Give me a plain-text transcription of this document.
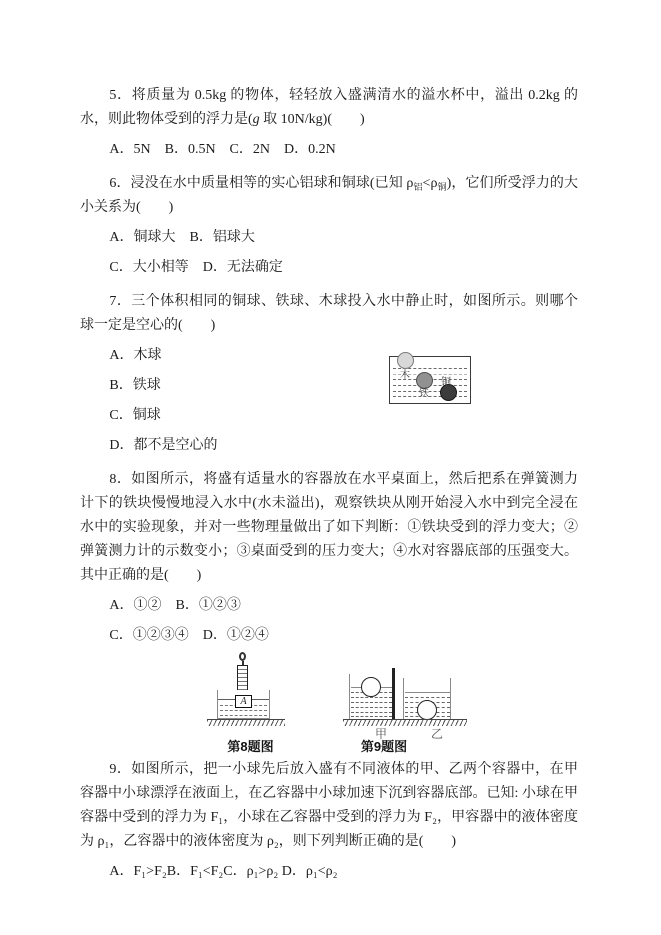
5．将质量为 0.5kg 的物体，轻轻放入盛满清水的溢水杯中，溢出 0.2kg 的水，则此物体受到的浮力是(g 取 10N/kg)(　　)

A．5N　B．0.5N　C．2N　D．0.2N

6．浸没在水中质量相等的实心铝球和铜球(已知 $\rho_铝<\rho_铜$)，它们所受浮力的大小关系为(　　)

A．铜球大　B．铝球大

C．大小相等　D．无法确定

7．三个体积相同的铜球、铁球、木球投入水中静止时，如图所示。则哪个球一定是空心的(　　)

A．木球

B．铁球

C．铜球

D．都不是空心的

木
铁
铜

8．如图所示，将盛有适量水的容器放在水平桌面上，然后把系在弹簧测力计下的铁块慢慢地浸入水中(水未溢出)，观察铁块从刚开始浸入水中到完全浸在水中的实验现象，并对一些物理量做出了如下判断：①铁块受到的浮力变大；②弹簧测力计的示数变小；③桌面受到的压力变大；④水对容器底部的压强变大。其中正确的是(　　)

A．①②　B．①②③

C．①②③④　D．①②④

A
第8题图
甲	乙
第9题图

9．如图所示，把一小球先后放入盛有不同液体的甲、乙两个容器中，在甲容器中小球漂浮在液面上，在乙容器中小球加速下沉到容器底部。已知: 小球在甲容器中受到的浮力为 F₁，小球在乙容器中受到的浮力为 F₂，甲容器中的液体密度为 ρ₁，乙容器中的液体密度为 ρ₂，则下列判断正确的是(　　)

A．F₁>F₂B．F₁<F₂C．ρ₁>ρ₂ D．ρ₁<ρ₂
